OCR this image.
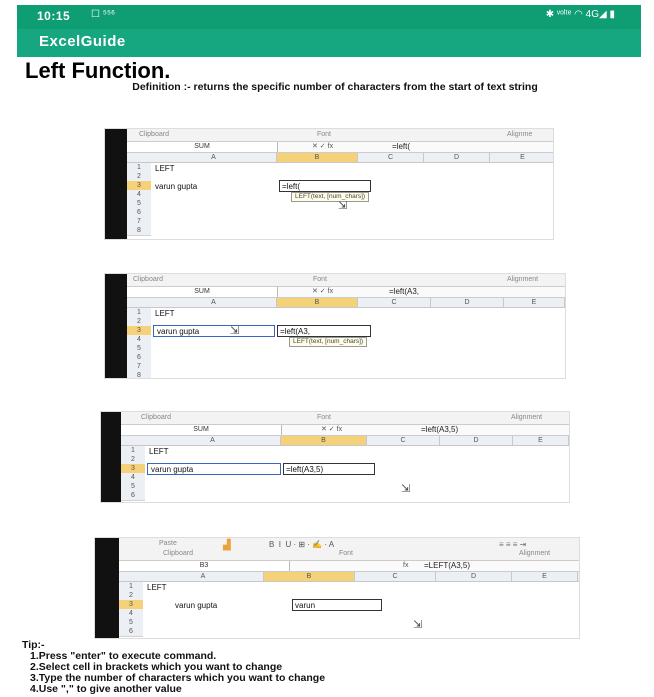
10:15 ☐ ⁵⁵⁶	✱ ᵛᵒˡᵗᵉ ◠ 4G◢ ▮
ExcelGuide
Left Function.
Definition :- returns the specific number of characters from the start of text string
Clipboard	Font	Alignme
SUM	✕ ✓ fx	=left(
A	B	C	D	E
1
2
3
4
5
6
7
8
LEFT
varun gupta	=left(
LEFT(text, [num_chars])
⇲
Clipboard	Font	Alignment
SUM	✕ ✓ fx	=left(A3,
A	B	C	D	E
1
2
3
4
5
6
7
8
LEFT
varun gupta	=left(A3,
LEFT(text, [num_chars])
⇲
Clipboard	Font	Alignment
SUM	✕ ✓ fx	=left(A3,5)
A	B	C	D	E
1
2
3
4
5
6
LEFT
varun gupta	=left(A3,5)
⇲
Paste	▟	B  I  U · ⊞ · ✍ · A	≡ ≡ ≡ ⇥
Clipboard	Font	Alignment
B3	fx =LEFT(A3,5)
A	B	C	D	E
1
2
3
4
5
6
LEFT
varun gupta	varun
⇲
Tip:-
1.Press "enter" to execute command.
2.Select cell in brackets which you want to change
3.Type the number of characters which you want to change
4.Use "," to give another value
